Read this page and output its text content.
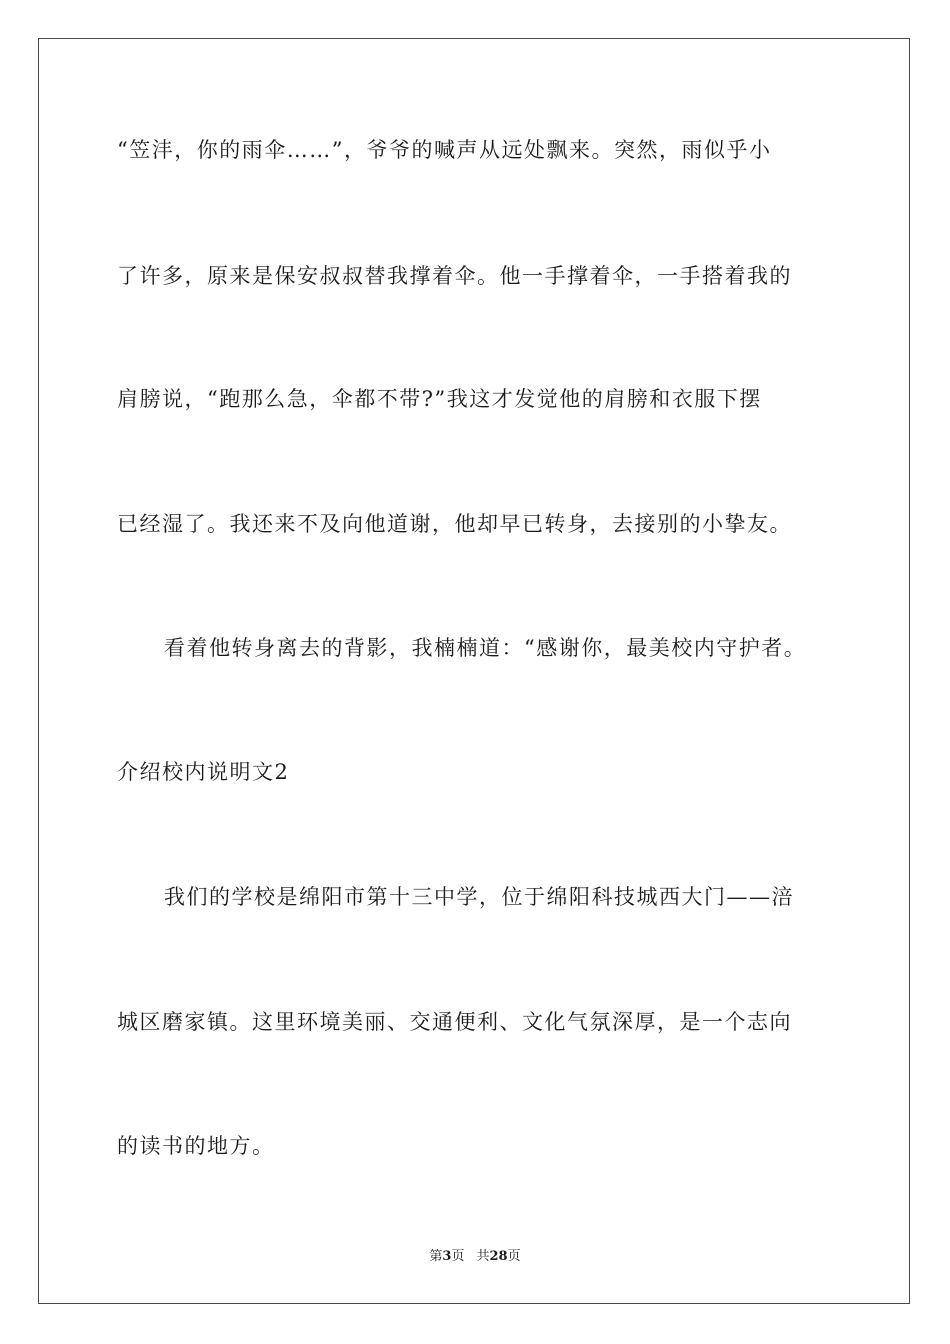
“笠沣，你的雨伞……”，爷爷的喊声从远处飘来。突然，雨似乎小
了许多，原来是保安叔叔替我撑着伞。他一手撑着伞，一手搭着我的
肩膀说，“跑那么急，伞都不带?”我这才发觉他的肩膀和衣服下摆
已经湿了。我还来不及向他道谢，他却早已转身，去接别的小挚友。
看着他转身离去的背影，我楠楠道：“感谢你，最美校内守护者。
介绍校内说明文2
我们的学校是绵阳市第十三中学，位于绵阳科技城西大门——涪
城区磨家镇。这里环境美丽、交通便利、文化气氛深厚，是一个志向
的读书的地方。
第3页 共28页
